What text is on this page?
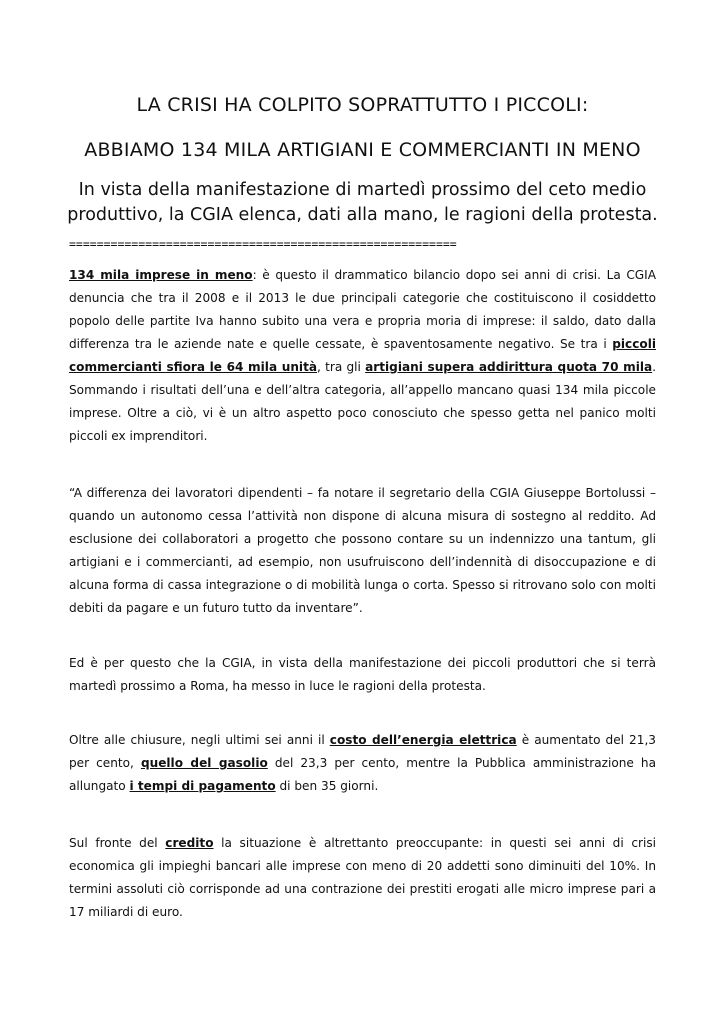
LA CRISI HA COLPITO SOPRATTUTTO I PICCOLI:
ABBIAMO 134 MILA ARTIGIANI E COMMERCIANTI IN MENO

In vista della manifestazione di martedì prossimo del ceto medio produttivo, la CGIA elenca, dati alla mano, le ragioni della protesta.

========================================================

134 mila imprese in meno: è questo il drammatico bilancio dopo sei anni di crisi. La CGIA denuncia che tra il 2008 e il 2013 le due principali categorie che costituiscono il cosiddetto popolo delle partite Iva hanno subito una vera e propria moria di imprese: il saldo, dato dalla differenza tra le aziende nate e quelle cessate, è spaventosamente negativo. Se tra i piccoli commercianti sfiora le 64 mila unità, tra gli artigiani supera addirittura quota 70 mila. Sommando i risultati dell’una e dell’altra categoria, all’appello mancano quasi 134 mila piccole imprese. Oltre a ciò, vi è un altro aspetto poco conosciuto che spesso getta nel panico molti piccoli ex imprenditori.

“A differenza dei lavoratori dipendenti – fa notare il segretario della CGIA Giuseppe Bortolussi – quando un autonomo cessa l’attività non dispone di alcuna misura di sostegno al reddito. Ad esclusione dei collaboratori a progetto che possono contare su un indennizzo una tantum, gli artigiani e i commercianti, ad esempio, non usufruiscono dell’indennità di disoccupazione e di alcuna forma di cassa integrazione o di mobilità lunga o corta. Spesso si ritrovano solo con molti debiti da pagare e un futuro tutto da inventare”.

Ed è per questo che la CGIA, in vista della manifestazione dei piccoli produttori che si terrà martedì prossimo a Roma, ha messo in luce le ragioni della protesta.

Oltre alle chiusure, negli ultimi sei anni il costo dell’energia elettrica è aumentato del 21,3 per cento, quello del gasolio del 23,3 per cento, mentre la Pubblica amministrazione ha allungato i tempi di pagamento di ben 35 giorni.

Sul fronte del credito la situazione è altrettanto preoccupante: in questi sei anni di crisi economica gli impieghi bancari alle imprese con meno di 20 addetti sono diminuiti del 10%. In termini assoluti ciò corrisponde ad una contrazione dei prestiti erogati alle micro imprese pari a 17 miliardi di euro.
